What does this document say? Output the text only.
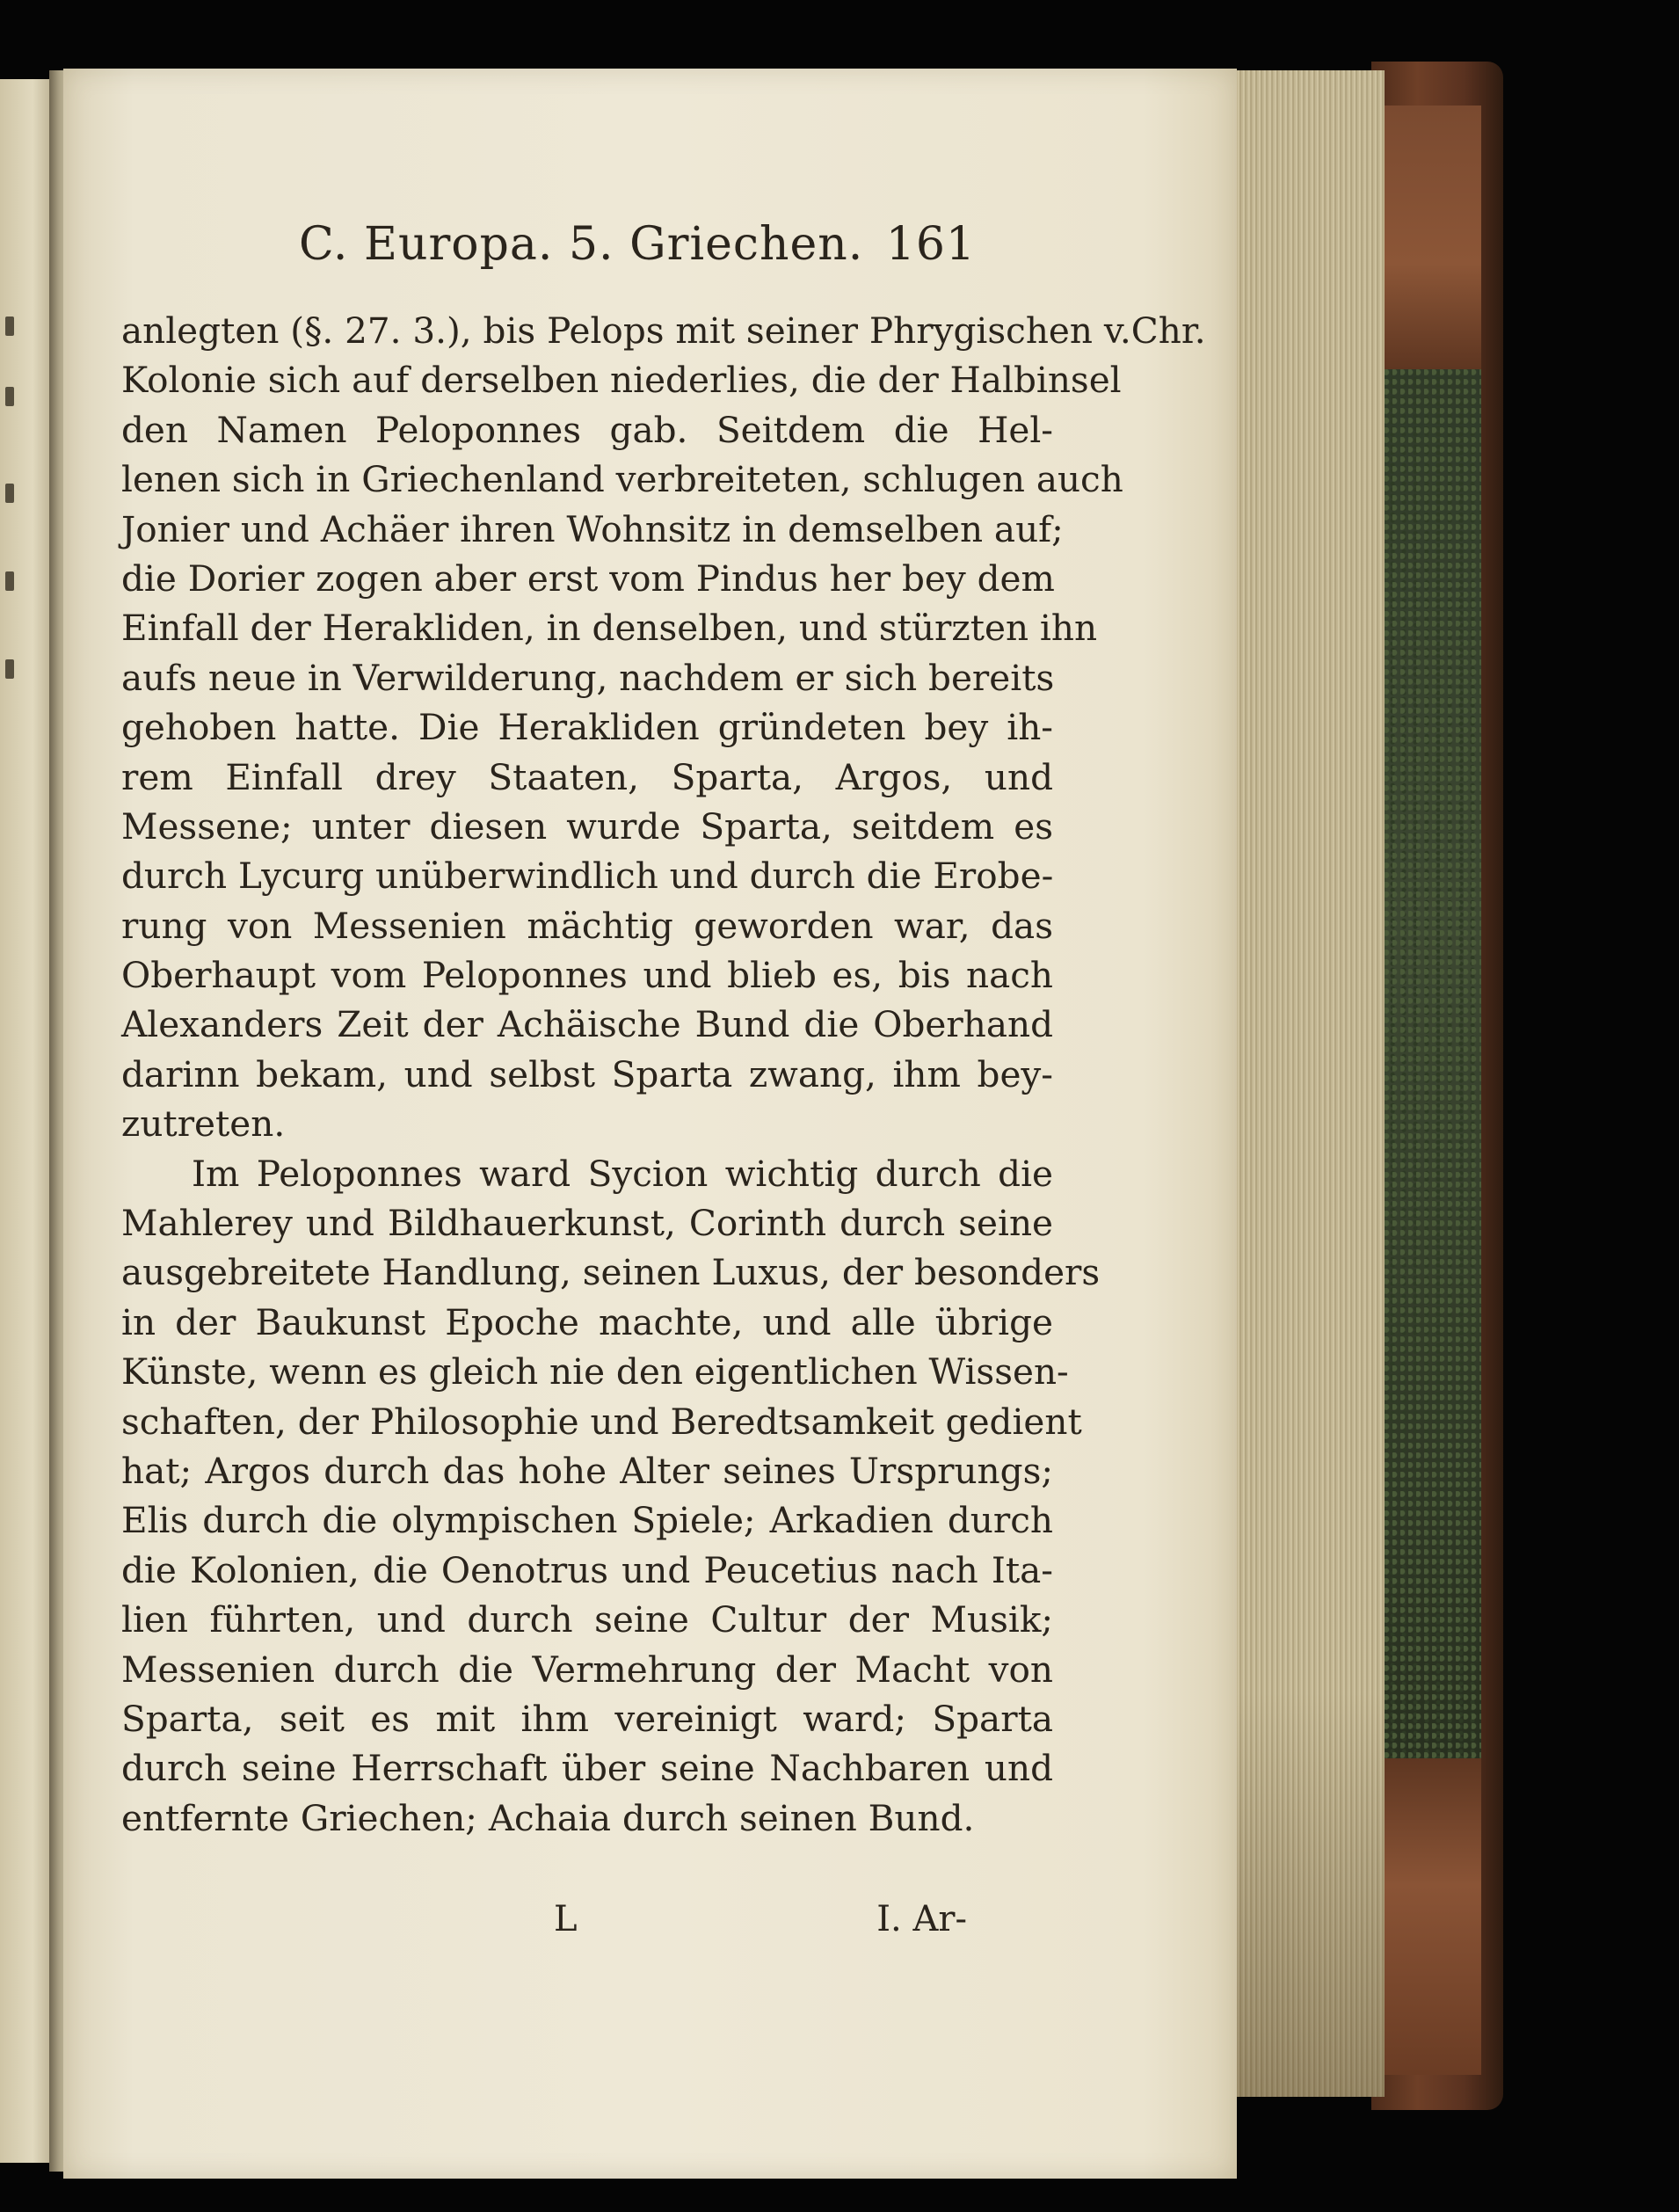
C. Europa. 5. Griechen. 161
anlegten (§. 27. 3.), bis Pelops mit seiner Phrygischen v.Chr.
Kolonie sich auf derselben niederlies, die der Halbinsel
den Namen Peloponnes gab. Seitdem die Hel-
lenen sich in Griechenland verbreiteten, schlugen auch
Jonier und Achäer ihren Wohnsitz in demselben auf;
die Dorier zogen aber erst vom Pindus her bey dem
Einfall der Herakliden, in denselben, und stürzten ihn
aufs neue in Verwilderung, nachdem er sich bereits
gehoben hatte. Die Herakliden gründeten bey ih-
rem Einfall drey Staaten, Sparta, Argos, und
Messene; unter diesen wurde Sparta, seitdem es
durch Lycurg unüberwindlich und durch die Erobe-
rung von Messenien mächtig geworden war, das
Oberhaupt vom Peloponnes und blieb es, bis nach
Alexanders Zeit der Achäische Bund die Oberhand
darinn bekam, und selbst Sparta zwang, ihm bey-
zutreten.
Im Peloponnes ward Sycion wichtig durch die
Mahlerey und Bildhauerkunst, Corinth durch seine
ausgebreitete Handlung, seinen Luxus, der besonders
in der Baukunst Epoche machte, und alle übrige
Künste, wenn es gleich nie den eigentlichen Wissen-
schaften, der Philosophie und Beredtsamkeit gedient
hat; Argos durch das hohe Alter seines Ursprungs;
Elis durch die olympischen Spiele; Arkadien durch
die Kolonien, die Oenotrus und Peucetius nach Ita-
lien führten, und durch seine Cultur der Musik;
Messenien durch die Vermehrung der Macht von
Sparta, seit es mit ihm vereinigt ward; Sparta
durch seine Herrschaft über seine Nachbaren und
entfernte Griechen; Achaia durch seinen Bund.
L	I. Ar-
